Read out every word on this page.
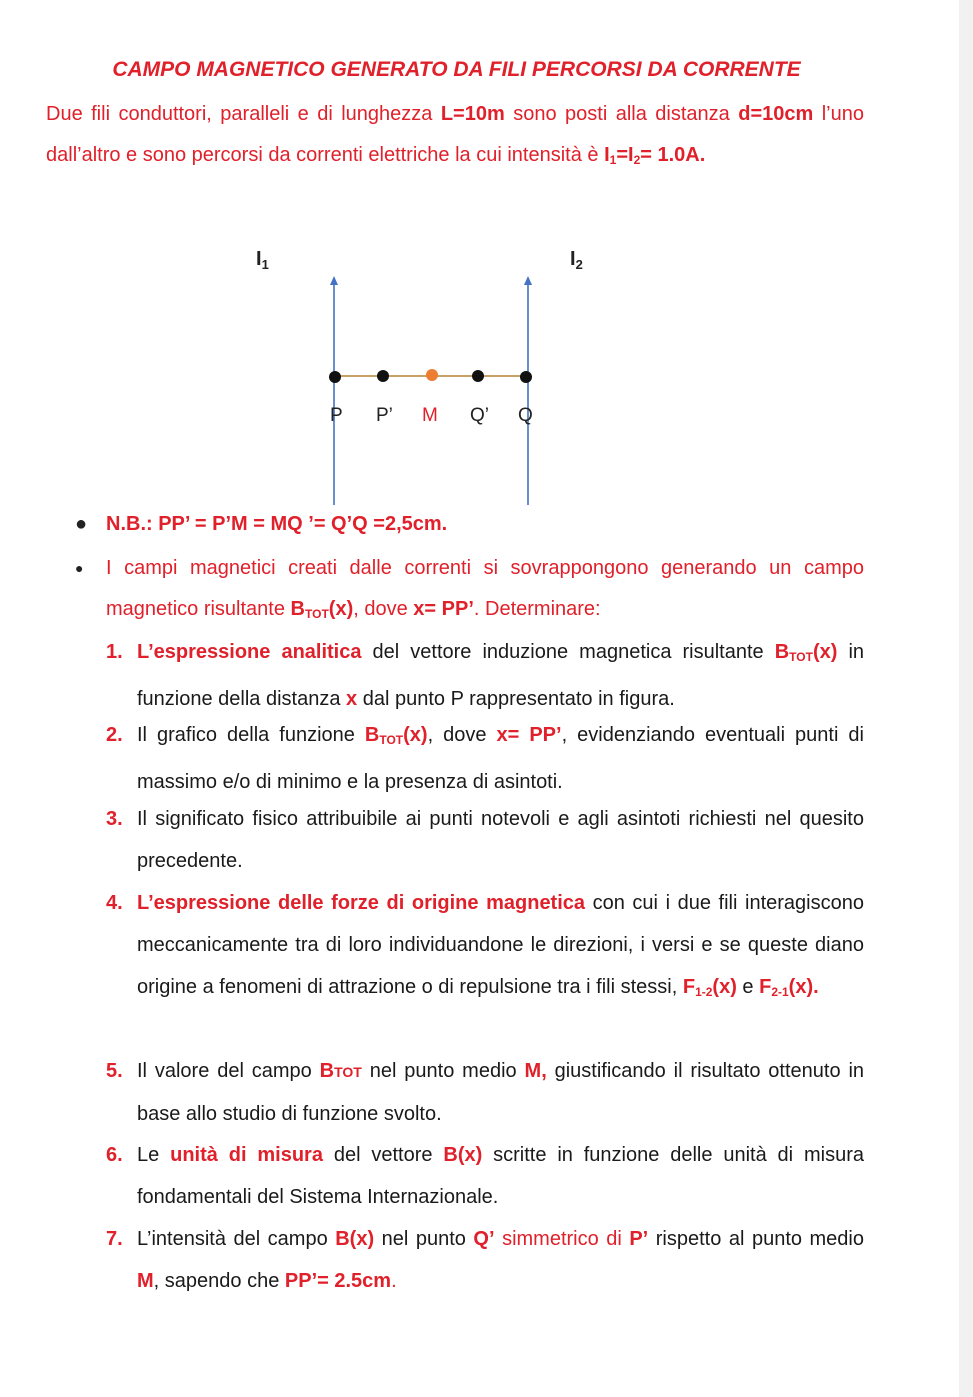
CAMPO MAGNETICO GENERATO DA FILI PERCORSI DA CORRENTE
Due fili conduttori, paralleli e di lunghezza L=10m sono posti alla distanza d=10cm l’uno dall’altro e sono percorsi da correnti elettriche la cui intensità è $I_1=I_2= 1.0A$.
$I_1$	$I_2$
P P’ M Q’ Q
● N.B.: PP’ = P’M = MQ ’= Q’Q =2,5cm.
● I campi magnetici creati dalle correnti si sovrappongono generando un campo magnetico risultante $B_{TOT}(x)$, dove x= PP’. Determinare:
1. L’espressione analitica del vettore induzione magnetica risultante $B_{TOT}(x)$ in funzione della distanza x dal punto P rappresentato in figura.
2. Il grafico della funzione $B_{TOT}(x)$, dove x= PP’, evidenziando eventuali punti di massimo e/o di minimo e la presenza di asintoti.
3. Il significato fisico attribuibile ai punti notevoli e agli asintoti richiesti nel quesito precedente.
4. L’espressione delle forze di origine magnetica con cui i due fili interagiscono meccanicamente tra di loro individuandone le direzioni, i versi e se queste diano origine a fenomeni di attrazione o di repulsione tra i fili stessi, $F_{1-2}(x)$ e $F_{2-1}(x)$.
5. Il valore del campo BTOT nel punto medio M, giustificando il risultato ottenuto in base allo studio di funzione svolto.
6. Le unità di misura del vettore B(x) scritte in funzione delle unità di misura fondamentali del Sistema Internazionale.
7. L’intensità del campo B(x) nel punto Q’ simmetrico di P’ rispetto al punto medio M, sapendo che PP’= 2.5cm.
